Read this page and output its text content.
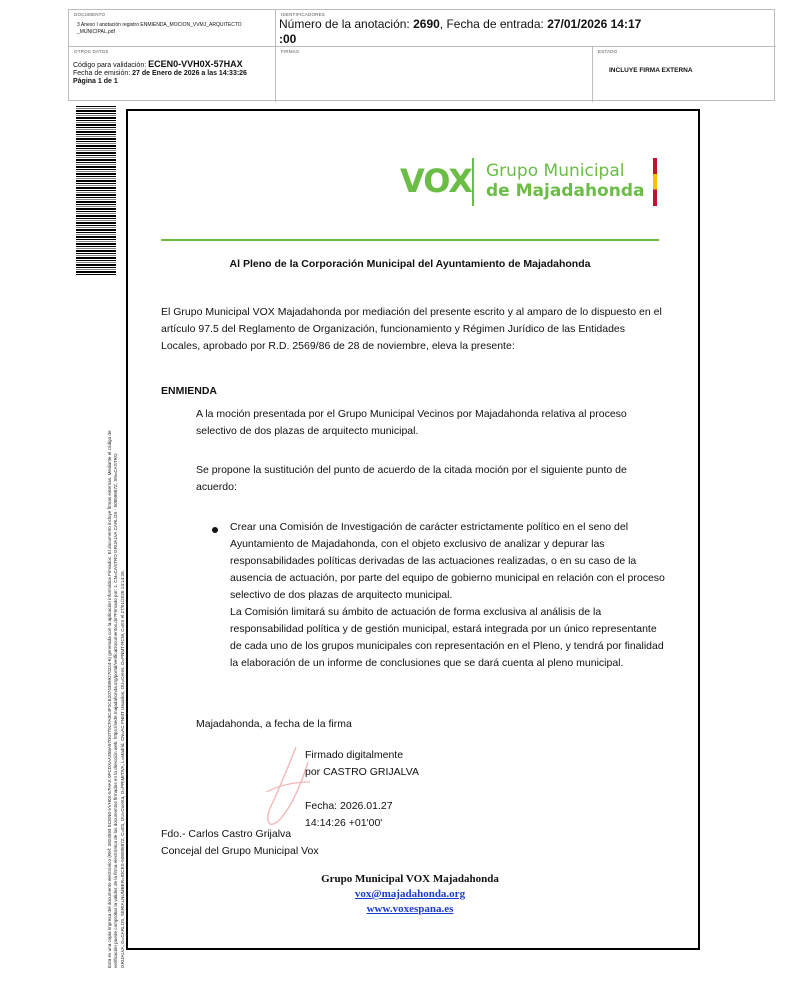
DOCUMENTO
3 Anexo I anotación registro ENMIENDA_MOCION_VVMJ_ARQUITECTO _MUNICIPAL.pdf
IDENTIFICADORES
Número de la anotación: 2690, Fecha de entrada: 27/01/2026 14:17
:00
OTROS DATOS
Código para validación: ECEN0-VVH0X-57HAX
Fecha de emisión: 27 de Enero de 2026 a las 14:33:26
Página 1 de 1
FIRMAS	ESTADO
INCLUYE FIRMA EXTERNA
Esta es una copia impresa del documento electrónico (Ref: 3924593 ECEN0-VVH0X-57HAX 0FCDXAA358A97D0770CFA8C4F2CE20743959270224-6) generada con la aplicación informática Firmadoc. El documento incluye firmas externas. Mediante el código de verificación puede comprobar la validez de la firma electrónica de los documentos firmados en la dirección web: https://sede.majadahonda.org/portal/verificaDocumentos.do?Firmado por: 1. CN=CASTRO GRIJALVA CARLOS - 50859587Z, SN=CASTRO GRIJALVA, G=CARLOS, SERIALNUMBER=IDCES-50859587Z, C=ES, OU=Cuenta, O=PRIMITIVA, L=Madrid, CN=AC FNMT Usuarios, OU=Ceres, O=FNMT-RCM, C=ES el 27/01/2026 14:14:26.
VOX Grupo Municipal
de Majadahonda
Al Pleno de la Corporación Municipal del Ayuntamiento de Majadahonda
El Grupo Municipal VOX Majadahonda por mediación del presente escrito y al amparo de lo dispuesto en el artículo 97.5 del Reglamento de Organización, funcionamiento y Régimen Jurídico de las Entidades Locales, aprobado por R.D. 2569/86 de 28 de noviembre, eleva la presente:
ENMIENDA
A la moción presentada por el Grupo Municipal Vecinos por Majadahonda relativa al proceso selectivo de dos plazas de arquitecto municipal.
Se propone la sustitución del punto de acuerdo de la citada moción por el siguiente punto de acuerdo:
Crear una Comisión de Investigación de carácter estrictamente político en el seno del Ayuntamiento de Majadahonda, con el objeto exclusivo de analizar y depurar las responsabilidades políticas derivadas de las actuaciones realizadas, o en su caso de la ausencia de actuación, por parte del equipo de gobierno municipal en relación con el proceso selectivo de dos plazas de arquitecto municipal.
La Comisión limitará su ámbito de actuación de forma exclusiva al análisis de la responsabilidad política y de gestión municipal, estará integrada por un único representante de cada uno de los grupos municipales con representación en el Pleno, y tendrá por finalidad la elaboración de un informe de conclusiones que se dará cuenta al pleno municipal.
Majadahonda, a fecha de la firma
Firmado digitalmente
por CASTRO GRIJALVA
Fecha: 2026.01.27
14:14:26 +01'00'
Fdo.- Carlos Castro Grijalva
Concejal del Grupo Municipal Vox
Grupo Municipal VOX Majadahonda
vox@majadahonda.org
www.voxespana.es
